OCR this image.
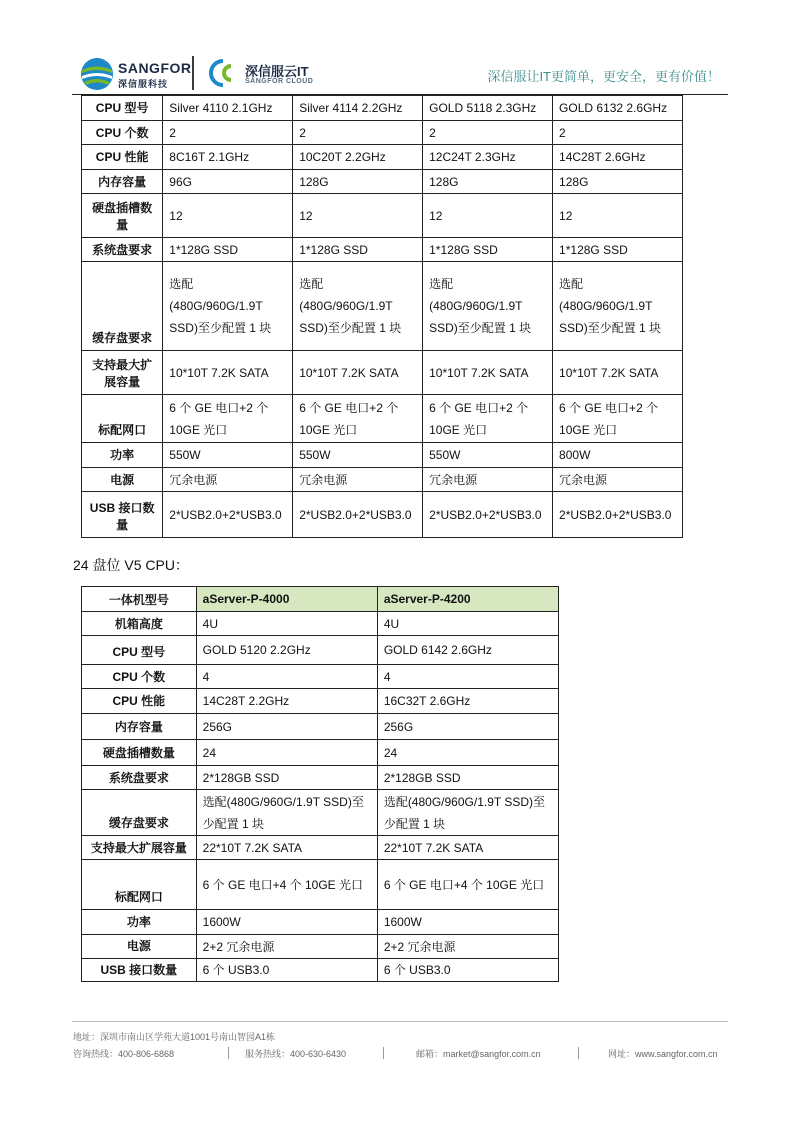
SANGFOR
深信服科技
深信服云IT
SANGFOR CLOUD	深信服让IT更简单，更安全，更有价值！
CPU 型号	Silver 4110 2.1GHz	Silver 4114 2.2GHz	GOLD 5118 2.3GHz	GOLD 6132 2.6GHz
CPU 个数	2	2	2	2
CPU 性能	8C16T 2.1GHz	10C20T 2.2GHz	12C24T 2.3GHz	14C28T 2.6GHz
内存容量	96G	128G	128G	128G
硬盘插槽数量	12	12	12	12
系统盘要求	1*128G SSD	1*128G SSD	1*128G SSD	1*128G SSD
缓存盘要求	选配(480G/960G/1.9T SSD)至少配置 1 块	选配(480G/960G/1.9T SSD)至少配置 1 块	选配(480G/960G/1.9T SSD)至少配置 1 块	选配(480G/960G/1.9T SSD)至少配置 1 块
支持最大扩展容量	10*10T 7.2K SATA	10*10T 7.2K SATA	10*10T 7.2K SATA	10*10T 7.2K SATA
标配网口	6 个 GE 电口+2 个 10GE 光口	6 个 GE 电口+2 个 10GE 光口	6 个 GE 电口+2 个 10GE 光口	6 个 GE 电口+2 个 10GE 光口
功率	550W	550W	550W	800W
电源	冗余电源	冗余电源	冗余电源	冗余电源
USB 接口数量	2*USB2.0+2*USB3.0	2*USB2.0+2*USB3.0	2*USB2.0+2*USB3.0	2*USB2.0+2*USB3.0
24 盘位 V5 CPU：
一体机型号	aServer-P-4000	aServer-P-4200
机箱高度	4U	4U
CPU 型号	GOLD 5120 2.2GHz	GOLD 6142 2.6GHz
CPU 个数	4	4
CPU 性能	14C28T 2.2GHz	16C32T 2.6GHz
内存容量	256G	256G
硬盘插槽数量	24	24
系统盘要求	2*128GB SSD	2*128GB SSD
缓存盘要求	选配(480G/960G/1.9T SSD)至少配置 1 块	选配(480G/960G/1.9T SSD)至少配置 1 块
支持最大扩展容量	22*10T 7.2K SATA	22*10T 7.2K SATA
标配网口	6 个 GE 电口+4 个 10GE 光口	6 个 GE 电口+4 个 10GE 光口
功率	1600W	1600W
电源	2+2 冗余电源	2+2 冗余电源
USB 接口数量	6 个 USB3.0	6 个 USB3.0
地址：深圳市南山区学苑大道1001号南山智园A1栋
咨询热线：400-806-6868	服务热线：400-630-6430	邮箱：market@sangfor.com.cn	网址：www.sangfor.com.cn
